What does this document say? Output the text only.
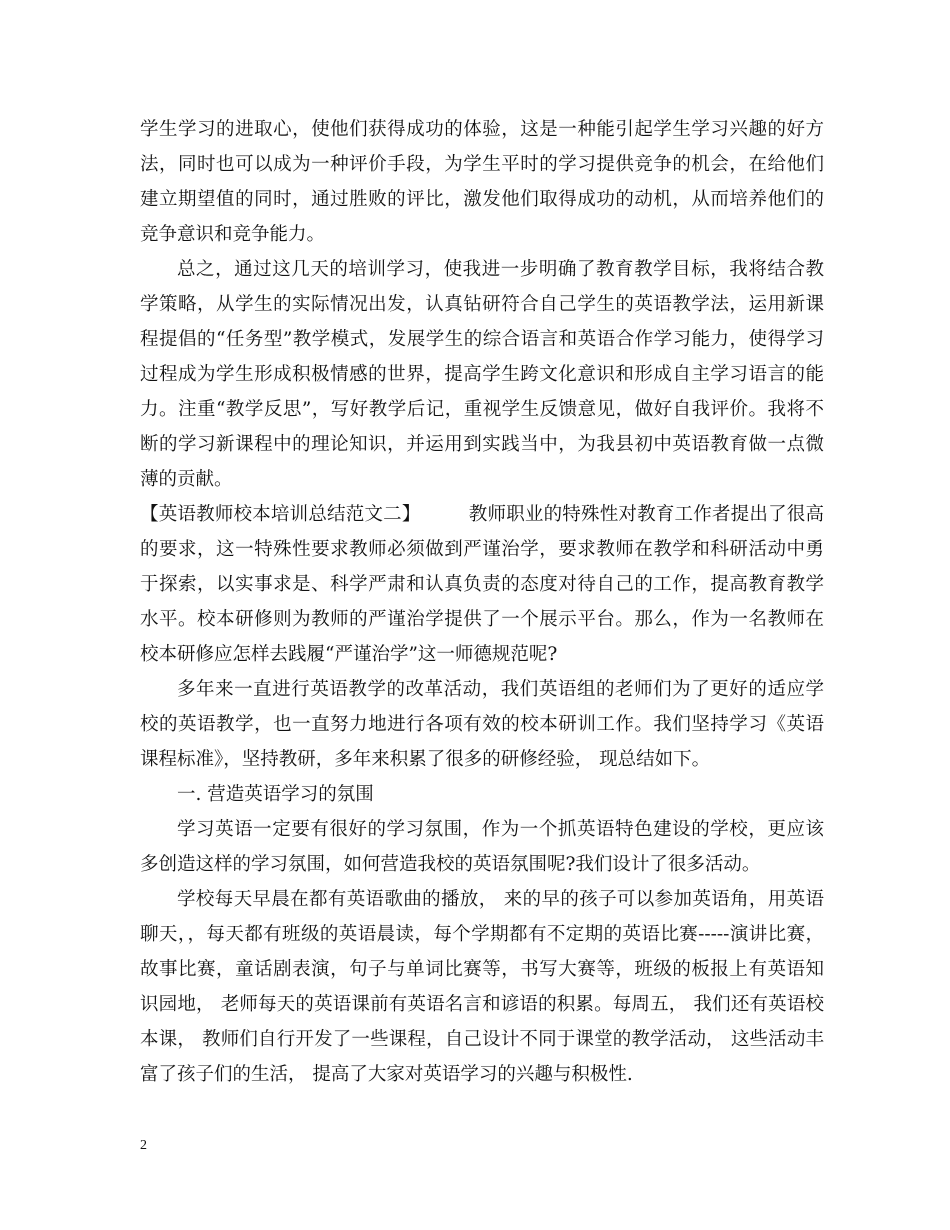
学生学习的进取心，使他们获得成功的体验，这是一种能引起学生学习兴趣的好方法，同时也可以成为一种评价手段，为学生平时的学习提供竞争的机会，在给他们建立期望值的同时，通过胜败的评比，激发他们取得成功的动机，从而培养他们的竞争意识和竞争能力。

总之，通过这几天的培训学习，使我进一步明确了教育教学目标，我将结合教学策略，从学生的实际情况出发，认真钻研符合自己学生的英语教学法，运用新课程提倡的“任务型”教学模式，发展学生的综合语言和英语合作学习能力，使得学习过程成为学生形成积极情感的世界，提高学生跨文化意识和形成自主学习语言的能力。注重“教学反思”，写好教学后记，重视学生反馈意见，做好自我评价。我将不断的学习新课程中的理论知识，并运用到实践当中，为我县初中英语教育做一点微薄的贡献。

【英语教师校本培训总结范文二】	教师职业的特殊性对教育工作者提出了很高的要求，这一特殊性要求教师必须做到严谨治学，要求教师在教学和科研活动中勇于探索，以实事求是、科学严肃和认真负责的态度对待自己的工作，提高教育教学水平。校本研修则为教师的严谨治学提供了一个展示平台。那么，作为一名教师在校本研修应怎样去践履“严谨治学”这一师德规范呢?

多年来一直进行英语教学的改革活动，我们英语组的老师们为了更好的适应学校的英语教学，也一直努力地进行各项有效的校本研训工作。我们坚持学习《英语课程标准》，坚持教研，多年来积累了很多的研修经验， 现总结如下。

一. 营造英语学习的氛围

学习英语一定要有很好的学习氛围，作为一个抓英语特色建设的学校，更应该多创造这样的学习氛围，如何营造我校的英语氛围呢?我们设计了很多活动。

学校每天早晨在都有英语歌曲的播放， 来的早的孩子可以参加英语角，用英语聊天，，每天都有班级的英语晨读，每个学期都有不定期的英语比赛-----演讲比赛， 故事比赛，童话剧表演，句子与单词比赛等，书写大赛等，班级的板报上有英语知识园地， 老师每天的英语课前有英语名言和谚语的积累。每周五， 我们还有英语校本课， 教师们自行开发了一些课程，自己设计不同于课堂的教学活动， 这些活动丰富了孩子们的生活， 提高了大家对英语学习的兴趣与积极性.

2
